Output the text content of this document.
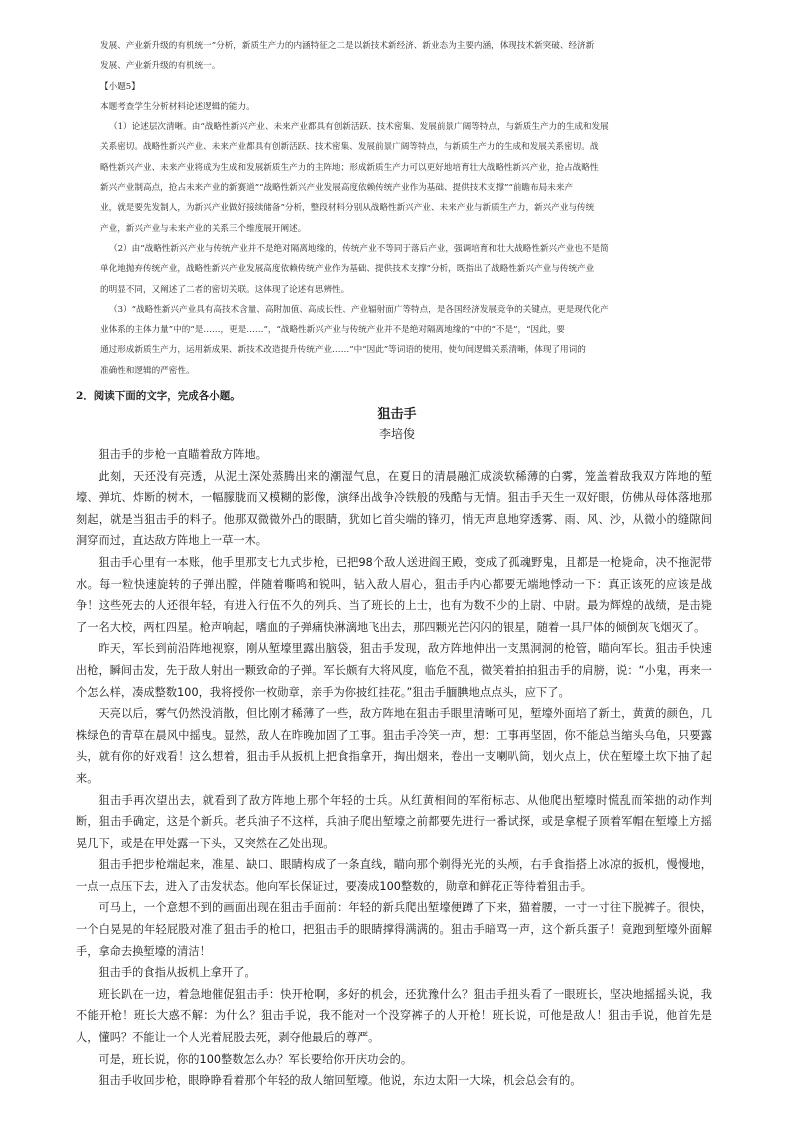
发展、产业新升级的有机统一”分析，新质生产力的内涵特征之二是以新技术新经济、新业态为主要内涵，体现技术新突破、经济新

发展、产业新升级的有机统一。

【小题5】

本题考查学生分析材料论述逻辑的能力。

（1）论述层次清晰。由“战略性新兴产业、未来产业都具有创新活跃、技术密集、发展前景广阔等特点，与新质生产力的生成和发展

关系密切。战略性新兴产业、未来产业都具有创新活跃、技术密集、发展前景广阔等特点，与新质生产力的生成和发展关系密切。战

略性新兴产业、未来产业将成为生成和发展新质生产力的主阵地；形成新质生产力可以更好地培育壮大战略性新兴产业，抢占战略性

新兴产业制高点，抢占未来产业的新赛道”“战略性新兴产业发展高度依赖传统产业作为基础、提供技术支撑”“前瞻布局未来产

业，就是要先发制人，为新兴产业做好接续储备”分析，整段材料分别从战略性新兴产业、未来产业与新质生产力，新兴产业与传统

产业，新兴产业与未来产业的关系三个维度展开阐述。

（2）由“战略性新兴产业与传统产业并不是绝对隔离地缘的，传统产业不等同于落后产业，强调培育和壮大战略性新兴产业也不是简

单化地抛弃传统产业，战略性新兴产业发展高度依赖传统产业作为基础、提供技术支撑”分析，既指出了战略性新兴产业与传统产业

的明显不同，又阐述了二者的密切关联。这体现了论述有思辨性。

（3）“战略性新兴产业具有高技术含量、高附加值、高成长性、产业辐射面广等特点，是各国经济发展竞争的关键点，更是现代化产

业体系的主体力量”中的“是……，更是……”，“战略性新兴产业与传统产业并不是绝对隔离地缘的”中的“不是”，“因此，要

通过形成新质生产力，运用新成果、新技术改造提升传统产业……”中“因此”等词语的使用，使句间逻辑关系清晰，体现了用词的

准确性和逻辑的严密性。

2．阅读下面的文字，完成各小题。
狙击手
李培俊

狙击手的步枪一直瞄着敌方阵地。

此刻，天还没有亮透，从泥土深处蒸腾出来的潮湿气息，在夏日的清晨融汇成淡软稀薄的白雾，笼盖着敌我双方阵地的堑壕、弹坑、炸断的树木，一幅朦胧而又模糊的影像，演绎出战争冷铁般的残酷与无情。狙击手天生一双好眼，仿佛从母体落地那刻起，就是当狙击手的料子。他那双微微外凸的眼睛，犹如匕首尖端的锋刃，悄无声息地穿透雾、雨、风、沙，从微小的缝隙间洞穿而过，直达敌方阵地上一草一木。

狙击手心里有一本账，他手里那支七九式步枪，已把98个敌人送进阎王殿，变成了孤魂野鬼，且都是一枪毙命，决不拖泥带水。每一粒快速旋转的子弹出膛，伴随着嘶鸣和锐叫，钻入敌人眉心，狙击手内心都要无端地悸动一下：真正该死的应该是战争！这些死去的人还很年轻，有进入行伍不久的列兵、当了班长的上士，也有为数不少的上尉、中尉。最为辉煌的战绩，是击毙了一名大校，两杠四星。枪声响起，嗜血的子弹痛快淋漓地飞出去，那四颗光芒闪闪的银星，随着一具尸体的倾倒灰飞烟灭了。

昨天，军长到前沿阵地视察，刚从堑壕里露出脑袋，狙击手发现，敌方阵地伸出一支黑洞洞的枪管，瞄向军长。狙击手快速出枪，瞬间击发，先于敌人射出一颗致命的子弹。军长颇有大将风度，临危不乱，微笑着拍拍狙击手的肩膀，说：“小鬼，再来一个怎么样，凑成整数100，我将授你一枚勋章，亲手为你披红挂花。”狙击手腼腆地点点头，应下了。

天亮以后，雾气仍然没消散，但比刚才稀薄了一些，敌方阵地在狙击手眼里清晰可见，堑壕外面培了新土，黄黄的颜色，几株绿色的青草在晨风中摇曳。显然，敌人在昨晚加固了工事。狙击手冷笑一声，想：工事再坚固，你不能总当缩头乌龟，只要露头，就有你的好戏看！这么想着，狙击手从扳机上把食指拿开，掏出烟来，卷出一支喇叭筒，划火点上，伏在堑壕土坎下抽了起来。

狙击手再次望出去，就看到了敌方阵地上那个年轻的士兵。从红黄相间的军衔标志、从他爬出堑壕时慌乱而笨拙的动作判断，狙击手确定，这是个新兵。老兵油子不这样，兵油子爬出堑壕之前都要先进行一番试探，或是拿棍子顶着军帽在堑壕上方摇晃几下，或是在甲处露一下头，又突然在乙处出现。

狙击手把步枪端起来，准星、缺口、眼睛构成了一条直线，瞄向那个剃得光光的头颅，右手食指搭上冰凉的扳机，慢慢地，一点一点压下去，进入了击发状态。他向军长保证过，要凑成100整数的，勋章和鲜花正等待着狙击手。

可马上，一个意想不到的画面出现在狙击手面前：年轻的新兵爬出堑壕便蹲了下来，猫着腰，一寸一寸往下脱裤子。很快，一个白晃晃的年轻屁股对准了狙击手的枪口，把狙击手的眼睛撑得满满的。狙击手暗骂一声，这个新兵蛋子！竟跑到堑壕外面解手，拿命去换堑壕的清洁！

狙击手的食指从扳机上拿开了。

班长趴在一边，着急地催促狙击手：快开枪啊，多好的机会，还犹豫什么？狙击手扭头看了一眼班长，坚决地摇摇头说，我不能开枪！班长大惑不解：为什么？狙击手说，我不能对一个没穿裤子的人开枪！班长说，可他是敌人！狙击手说，他首先是人，懂吗？不能让一个人光着屁股去死，剥夺他最后的尊严。

可是，班长说，你的100整数怎么办？军长要给你开庆功会的。

狙击手收回步枪，眼睁睁看着那个年轻的敌人缩回堑壕。他说，东边太阳一大垛，机会总会有的。
